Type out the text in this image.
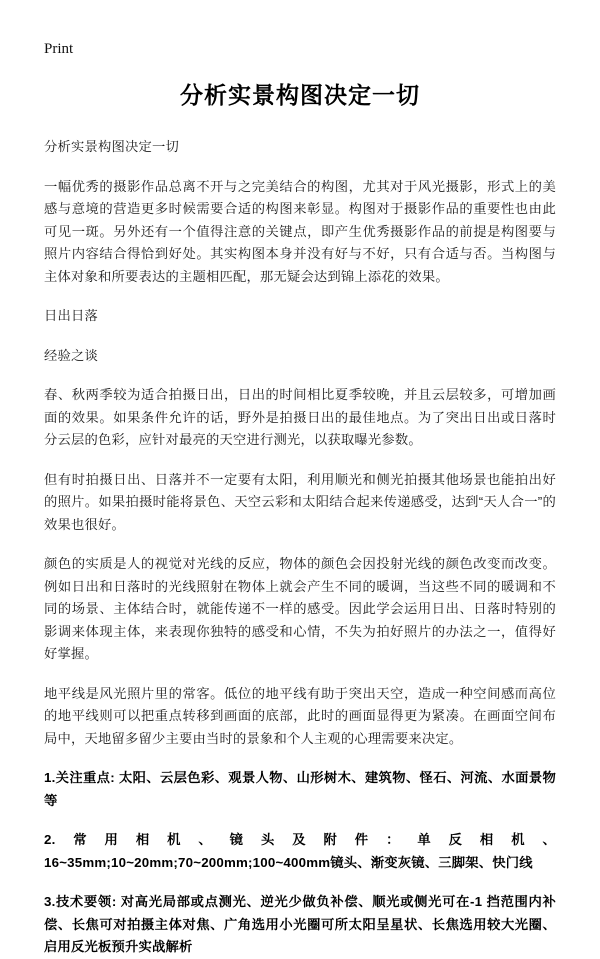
Print
分析实景构图决定一切

分析实景构图决定一切

一幅优秀的摄影作品总离不开与之完美结合的构图，尤其对于风光摄影，形式上的美感与意境的营造更多时候需要合适的构图来彰显。构图对于摄影作品的重要性也由此可见一斑。另外还有一个值得注意的关键点，即产生优秀摄影作品的前提是构图要与照片内容结合得恰到好处。其实构图本身并没有好与不好，只有合适与否。当构图与主体对象和所要表达的主题相匹配，那无疑会达到锦上添花的效果。

日出日落

经验之谈

春、秋两季较为适合拍摄日出，日出的时间相比夏季较晚，并且云层较多，可增加画面的效果。如果条件允许的话，野外是拍摄日出的最佳地点。为了突出日出或日落时分云层的色彩，应针对最亮的天空进行测光，以获取曝光参数。

但有时拍摄日出、日落并不一定要有太阳，利用顺光和侧光拍摄其他场景也能拍出好的照片。如果拍摄时能将景色、天空云彩和太阳结合起来传递感受，达到“天人合一”的效果也很好。

颜色的实质是人的视觉对光线的反应，物体的颜色会因投射光线的颜色改变而改变。例如日出和日落时的光线照射在物体上就会产生不同的暖调，当这些不同的暖调和不同的场景、主体结合时，就能传递不一样的感受。因此学会运用日出、日落时特别的影调来体现主体，来表现你独特的感受和心情，不失为拍好照片的办法之一，值得好好掌握。

地平线是风光照片里的常客。低位的地平线有助于突出天空，造成一种空间感而高位的地平线则可以把重点转移到画面的底部，此时的画面显得更为紧凑。在画面空间布局中，天地留多留少主要由当时的景象和个人主观的心理需要来决定。

1.关注重点: 太阳、云层色彩、观景人物、山形树木、建筑物、怪石、河流、水面景物等

2.常用相机、镜头及附件：单反相机、16~35mm;10~20mm;70~200mm;100~400mm镜头、渐变灰镜、三脚架、快门线

3.技术要领: 对高光局部或点测光、逆光少做负补偿、顺光或侧光可在-1 挡范围内补偿、长焦可对拍摄主体对焦、广角选用小光圈可所太阳呈星状、长焦选用较大光圈、启用反光板预升实战解析
